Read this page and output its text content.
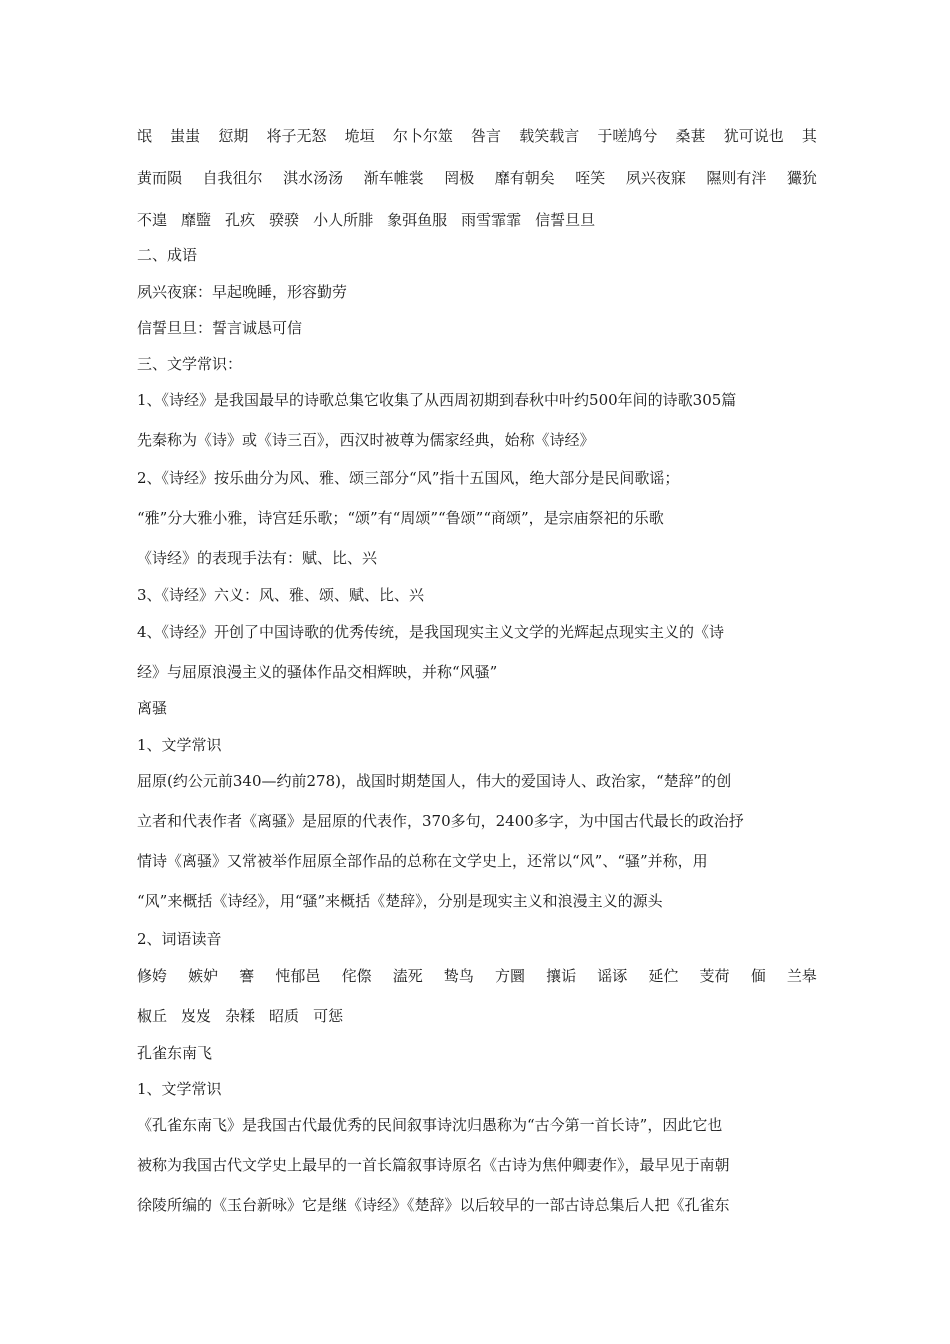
氓 蚩蚩 愆期 将子无怒 垝垣 尔卜尔筮 咎言 载笑载言 于嗟鸠兮 桑葚 犹可说也 其
黄而陨 自我徂尔 淇水汤汤 渐车帷裳 罔极 靡有朝矣 咥笑 夙兴夜寐 隰则有泮 玁狁
不遑 靡盬 孔疚 骙骙 小人所腓 象弭鱼服 雨雪霏霏 信誓旦旦
二、成语
夙兴夜寐：早起晚睡，形容勤劳
信誓旦旦：誓言诚恳可信
三、文学常识：
1、《诗经》是我国最早的诗歌总集它收集了从西周初期到春秋中叶约500年间的诗歌305篇
先秦称为《诗》或《诗三百》，西汉时被尊为儒家经典，始称《诗经》
2、《诗经》按乐曲分为风、雅、颂三部分“风”指十五国风，绝大部分是民间歌谣；
“雅”分大雅小雅，诗宫廷乐歌；“颂”有“周颂”“鲁颂”“商颂”，是宗庙祭祀的乐歌
《诗经》的表现手法有：赋、比、兴
3、《诗经》六义：风、雅、颂、赋、比、兴
4、《诗经》开创了中国诗歌的优秀传统，是我国现实主义文学的光辉起点现实主义的《诗
经》与屈原浪漫主义的骚体作品交相辉映，并称“风骚”
离骚
1、文学常识
屈原(约公元前340—约前278)，战国时期楚国人，伟大的爱国诗人、政治家，“楚辞”的创
立者和代表作者《离骚》是屈原的代表作，370多句，2400多字，为中国古代最长的政治抒
情诗《离骚》又常被举作屈原全部作品的总称在文学史上，还常以“风”、“骚”并称，用
“风”来概括《诗经》，用“骚”来概括《楚辞》，分别是现实主义和浪漫主义的源头
2、词语读音
修姱 嫉妒 謇 忳郁邑 侘傺 溘死 鸷鸟 方圜 攘诟 谣诼 延伫 芰荷 偭 兰皋
椒丘 岌岌 杂糅 昭质 可惩
孔雀东南飞
1、文学常识
《孔雀东南飞》是我国古代最优秀的民间叙事诗沈归愚称为“古今第一首长诗”，因此它也
被称为我国古代文学史上最早的一首长篇叙事诗原名《古诗为焦仲卿妻作》，最早见于南朝
徐陵所编的《玉台新咏》它是继《诗经》《楚辞》以后较早的一部古诗总集后人把《孔雀东
